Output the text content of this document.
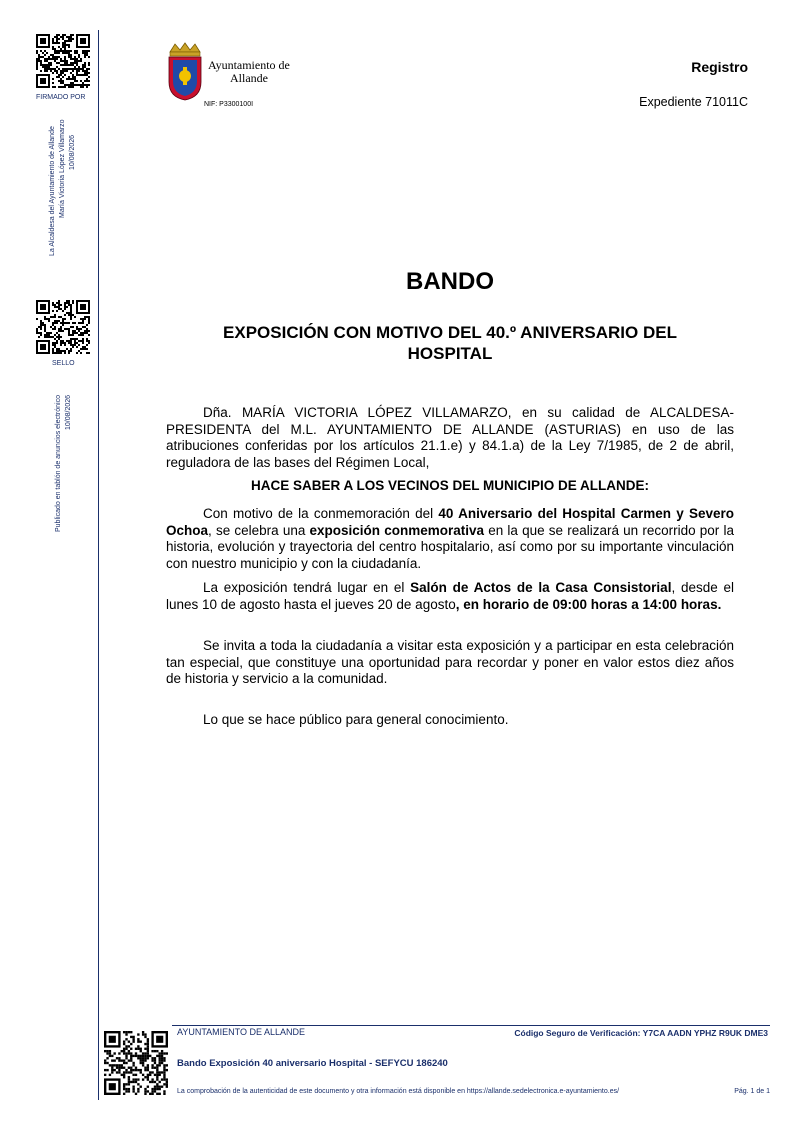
FIRMADO POR
La Alcaldesa del Ayuntamiento de Allande María Victoria López Villamarzo 10/08/2026
SELLO
Publicado en tablón de anuncios electrónico 10/08/2026
Ayuntamiento de
Allande
NIF: P3300100I
Registro
Expediente 71011C
BANDO
EXPOSICIÓN CON MOTIVO DEL 40.º ANIVERSARIO DEL
HOSPITAL

Dña. MARÍA VICTORIA LÓPEZ VILLAMARZO, en su calidad de ALCALDESA-PRESIDENTA del M.L. AYUNTAMIENTO DE ALLANDE (ASTURIAS) en uso de las atribuciones conferidas por los artículos 21.1.e) y 84.1.a) de la Ley 7/1985, de 2 de abril, reguladora de las bases del Régimen Local,

HACE SABER A LOS VECINOS DEL MUNICIPIO DE ALLANDE:

Con motivo de la conmemoración del 40 Aniversario del Hospital Carmen y Severo Ochoa, se celebra una exposición conmemorativa en la que se realizará un recorrido por la historia, evolución y trayectoria del centro hospitalario, así como por su importante vinculación con nuestro municipio y con la ciudadanía.

La exposición tendrá lugar en el Salón de Actos de la Casa Consistorial, desde el lunes 10 de agosto hasta el jueves 20 de agosto, en horario de 09:00 horas a 14:00 horas.

Se invita a toda la ciudadanía a visitar esta exposición y a participar en esta celebración tan especial, que constituye una oportunidad para recordar y poner en valor estos diez años de historia y servicio a la comunidad.

Lo que se hace público para general conocimiento.

AYUNTAMIENTO DE ALLANDE	Código Seguro de Verificación: Y7CA AADN YPHZ R9UK DME3
Bando Exposición 40 aniversario Hospital - SEFYCU 186240
La comprobación de la autenticidad de este documento y otra información está disponible en https://allande.sedelectronica.e-ayuntamiento.es/	Pág. 1 de 1
